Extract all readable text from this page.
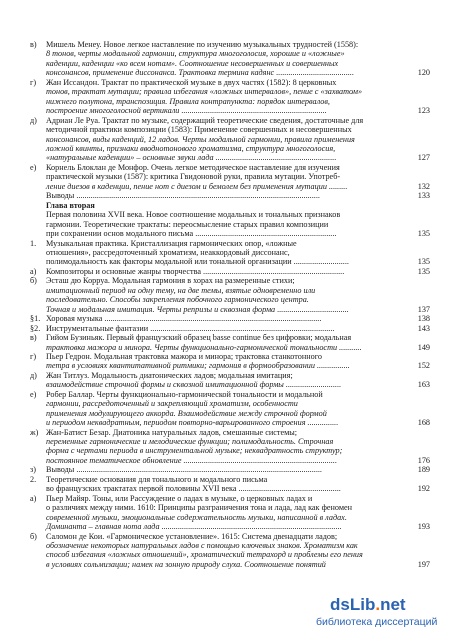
в) Мишель Менеу. Новое легкое наставление по изучению музыкальных трудностей (1558):
8 тонов, черты модальной гармонии, структура многоголосия, хорошие и «ложные»
каденции, каденции «ко всем нотам». Соотношение несовершенных и совершенных
консонансов, применение диссонанса. Трактовка термина кадянс ......................................	120
г) Жан Иссандон. Трактат по практической музыке в двух частях (1582): 8 церковных
тонов, трактат мутации; правила избегания «ложных интервалов», пение с «захватом»
нижнего полутона, транспозиция. Правила контрапункта: порядок интервалов,
построение многоголосной вертикали .......................................................................	123
д) Адриан Ле Руа. Трактат по музыке, содержащий теоретические сведения, достаточные для
методичной практики композиции (1583): Применение совершенных и несовершенных
консонансов, виды каденций, 12 ладов. Черты модальной гармонии, правила применения
ложной квинты, признаки вводнотонового хроматизма, структура многоголосия,
«натуральные каденции» – основные звуки лада ...........................................................	127
е) Корнель Блоклан де Монфор. Очень легкое методическое наставление для изучения
практической музыки (1587): критика Гвидоновой руки, правила мутации. Употреб-
ление диезов в каденции, пение нот с диезом и бемолем без применения мутации .........	132
Выводы .......................................................................................................................	133
Глава вторая
Первая половина XVII века. Новое соотношение модальных и тональных признаков
гармонии. Теоретические трактаты: переосмысление старых правил композиции
при сохранении основ модального письма .....................................................................	135
1. Музыкальная практика. Кристаллизация гармонических опор, «ложные
отношения», рассредоточенный хроматизм, неаккордовый диссонанс,
полимодальность как факторы модальной или тональной организации ...........................	135
а) Композиторы и основные жанры творчества .....................................................................	135
б) Эсташ дю Корруа. Модальная гармония в хорах на размеренные стихи;
имитационный период на одну тему, на две темы, взятые одновременно или
последовательно. Способы закрепления побочного гармонического центра.
Точная и модальная имитация. Черты репризы и сквозная форма ...................................	137
§1. Хоровая музыка ..........................................................................................................	138
§2. Инструментальные фантазии ..........................................................................................	143
в) Гийом Бузиньяк. Первый французский образец basse continue без цифровки; модальная
трактовка мажора и минора. Черты функционально-гармонической тональности ...........	149
г) Пьер Гедрон. Модальная трактовка мажора и минора; трактовка станкотонного
тетра в условиях квантитативной ритмики; гармония в формообразовании ................	152
д) Жан Титлуз. Модальность диатонических ладов; модальная имитация;
взаимодействие строчной формы и сквозной имитационной формы ...........................	163
е) Робер Баллар. Черты функционально-гармонической тональности и модальной
гармонии, рассредоточенный и закрепляющий хроматизм, особенности
применения модулирующего аккорда. Взаимодействие между строчной формой
и периодом неквадратным, периодом повторно-варьированного строения ...............	168
ж) Жан-Батист Безар. Диатоника натуральных ладов, смешанные системы;
переменные гармонические и мелодические функции; полимодальность. Строчная
форма с чертами периода в инструментальной музыке; неквадратность структур;
постоянное тематическое обновление ...........................................................................	176
з) Выводы ........................................................................................................................	189
2. Теоретические основания для тонального и модального письма
во французских трактатах первой половины XVII века ..................................................	192
а) Пьер Майяр. Тоны, или Рассуждение о ладах в музыке, о церковных ладах и
о различиях между ними. 1610: Принципы разграничения тона и лада, лад как феномен
современной музыки, эмоциональные содержательность музыки, написанной в ладах.
Доминанта – главная нота лада ........................................................................................	193
б) Саломон де Кои. «Гармоническое установление». 1615: Система двенадцати ладов;
обозначение некоторых натуральных ладов с помощью ключевых знаков. Хроматизм как
способ избегания «ложных отношений», хроматический тетрахорд и проблемы его пения
в условиях сольмизации; намек на зонную природу слуха. Соотношение понятий	197
dsLib.net
библиотека диссертаций
